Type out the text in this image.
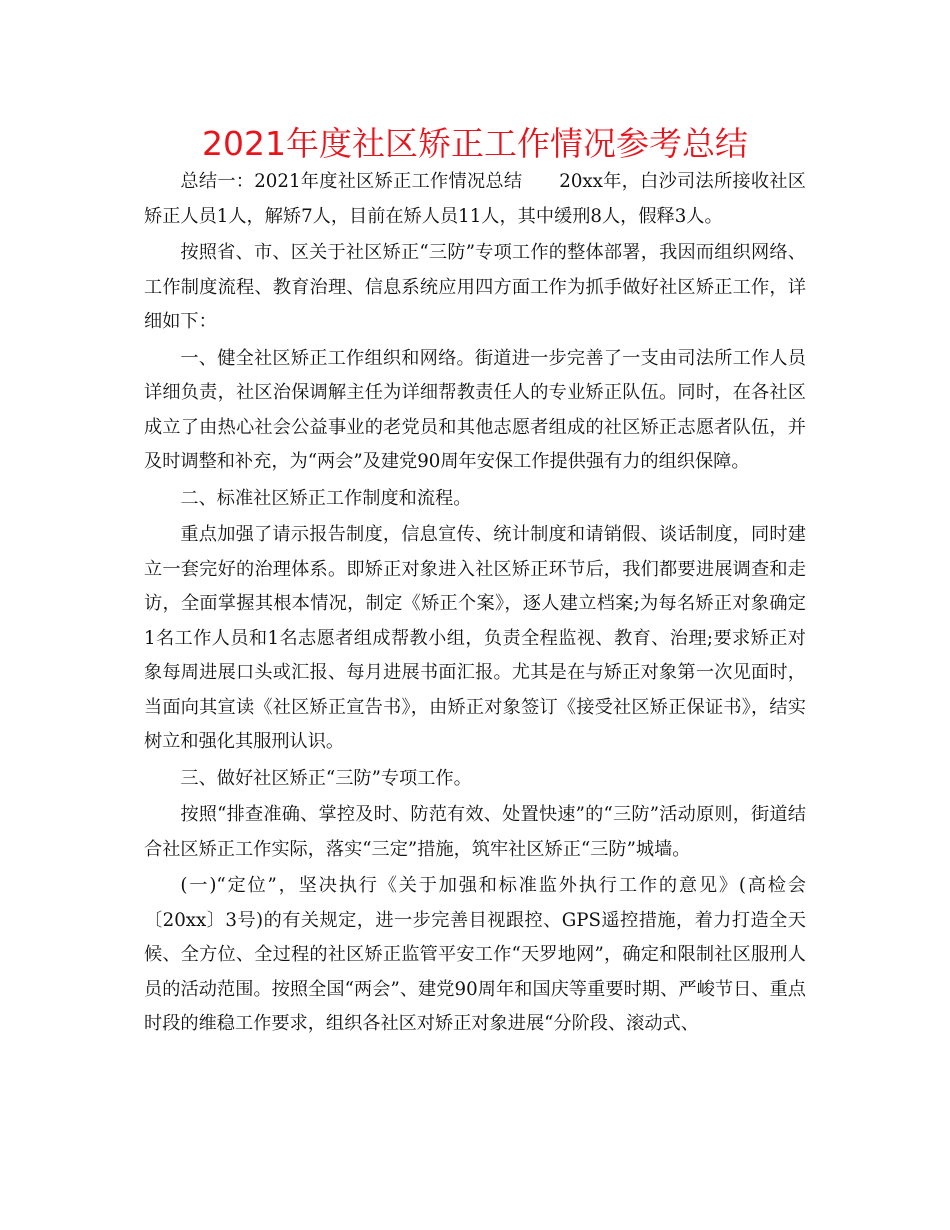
2021年度社区矫正工作情况参考总结

总结一：2021年度社区矫正工作情况总结　　20xx年，白沙司法所接收社区矫正人员1人，解矫7人，目前在矫人员11人，其中缓刑8人，假释3人。

按照省、市、区关于社区矫正“三防”专项工作的整体部署，我因而组织网络、工作制度流程、教育治理、信息系统应用四方面工作为抓手做好社区矫正工作，详细如下：

一、健全社区矫正工作组织和网络。街道进一步完善了一支由司法所工作人员详细负责，社区治保调解主任为详细帮教责任人的专业矫正队伍。同时，在各社区成立了由热心社会公益事业的老党员和其他志愿者组成的社区矫正志愿者队伍，并及时调整和补充，为“两会”及建党90周年安保工作提供强有力的组织保障。

二、标准社区矫正工作制度和流程。

重点加强了请示报告制度，信息宣传、统计制度和请销假、谈话制度，同时建立一套完好的治理体系。即矫正对象进入社区矫正环节后，我们都要进展调查和走访，全面掌握其根本情况，制定《矫正个案》，逐人建立档案;为每名矫正对象确定1名工作人员和1名志愿者组成帮教小组，负责全程监视、教育、治理;要求矫正对象每周进展口头或汇报、每月进展书面汇报。尤其是在与矫正对象第一次见面时，当面向其宣读《社区矫正宣告书》，由矫正对象签订《接受社区矫正保证书》，结实树立和强化其服刑认识。

三、做好社区矫正“三防”专项工作。

按照“排查准确、掌控及时、防范有效、处置快速”的“三防”活动原则，街道结合社区矫正工作实际，落实“三定”措施，筑牢社区矫正“三防”城墙。

(一)“定位”，坚决执行《关于加强和标准监外执行工作的意见》(高检会〔20xx〕3号)的有关规定，进一步完善目视跟控、GPS遥控措施，着力打造全天候、全方位、全过程的社区矫正监管平安工作“天罗地网”，确定和限制社区服刑人员的活动范围。按照全国“两会”、建党90周年和国庆等重要时期、严峻节日、重点时段的维稳工作要求，组织各社区对矫正对象进展“分阶段、滚动式、
